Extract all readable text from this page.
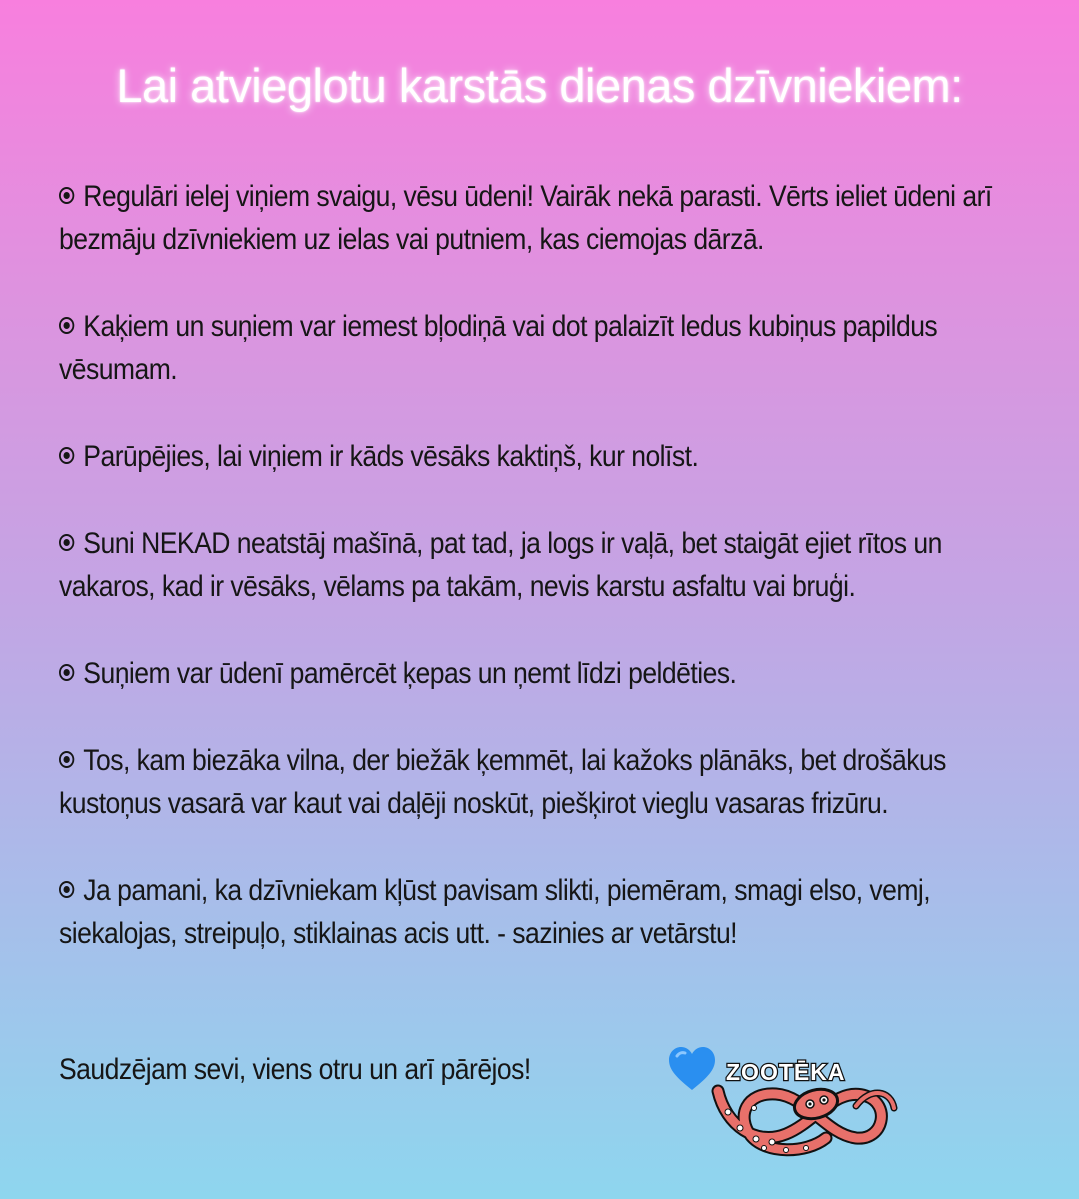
Lai atvieglotu karstās dienas dzīvniekiem:
Regulāri ielej viņiem svaigu, vēsu ūdeni! Vairāk nekā parasti. Vērts ieliet ūdeni arī bezmāju dzīvniekiem uz ielas vai putniem, kas ciemojas dārzā.
Kaķiem un suņiem var iemest bļodiņā vai dot palaizīt ledus kubiņus papildus vēsumam.
Parūpējies, lai viņiem ir kāds vēsāks kaktiņš, kur nolīst.
Suni NEKAD neatstāj mašīnā, pat tad, ja logs ir vaļā, bet staigāt ejiet rītos un vakaros, kad ir vēsāks, vēlams pa takām, nevis karstu asfaltu vai bruģi.
Suņiem var ūdenī pamērcēt ķepas un ņemt līdzi peldēties.
Tos, kam biezāka vilna, der biežāk ķemmēt, lai kažoks plānāks, bet drošākus kustoņus vasarā var kaut vai daļēji noskūt, piešķirot vieglu vasaras frizūru.
Ja pamani, ka dzīvniekam kļūst pavisam slikti, piemēram, smagi elso, vemj, siekalojas, streipuļo, stiklainas acis utt. - sazinies ar vetārstu!
Saudzējam sevi, viens otru un arī pārējos!	ZOOTĒKA
